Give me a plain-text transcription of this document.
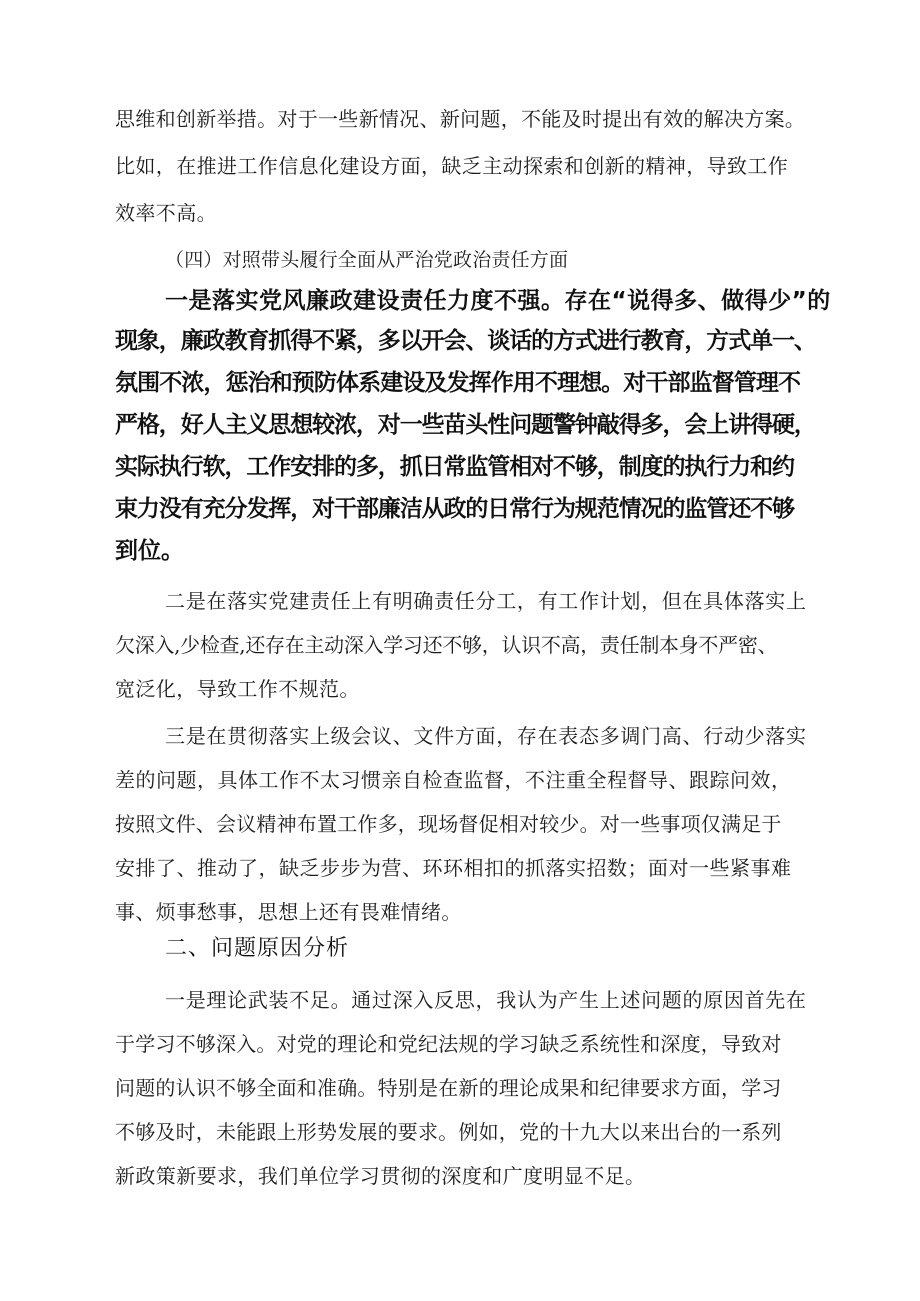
思维和创新举措。对于一些新情况、新问题，不能及时提出有效的解决方案。
比如，在推进工作信息化建设方面，缺乏主动探索和创新的精神，导致工作
效率不高。
（四）对照带头履行全面从严治党政治责任方面
一是落实党风廉政建设责任力度不强。存在“说得多、做得少”的
现象，廉政教育抓得不紧，多以开会、谈话的方式进行教育，方式单一、
氛围不浓，惩治和预防体系建设及发挥作用不理想。对干部监督管理不
严格，好人主义思想较浓，对一些苗头性问题警钟敲得多，会上讲得硬，
实际执行软，工作安排的多，抓日常监管相对不够，制度的执行力和约
束力没有充分发挥，对干部廉洁从政的日常行为规范情况的监管还不够
到位。
二是在落实党建责任上有明确责任分工，有工作计划，但在具体落实上
欠深入,少检查,还存在主动深入学习还不够，认识不高，责任制本身不严密、
宽泛化，导致工作不规范。
三是在贯彻落实上级会议、文件方面，存在表态多调门高、行动少落实
差的问题，具体工作不太习惯亲自检查监督，不注重全程督导、跟踪问效，
按照文件、会议精神布置工作多，现场督促相对较少。对一些事项仅满足于
安排了、推动了，缺乏步步为营、环环相扣的抓落实招数；面对一些紧事难
事、烦事愁事，思想上还有畏难情绪。
二、问题原因分析
一是理论武装不足。通过深入反思，我认为产生上述问题的原因首先在
于学习不够深入。对党的理论和党纪法规的学习缺乏系统性和深度，导致对
问题的认识不够全面和准确。特别是在新的理论成果和纪律要求方面，学习
不够及时，未能跟上形势发展的要求。例如，党的十九大以来出台的一系列
新政策新要求，我们单位学习贯彻的深度和广度明显不足。
